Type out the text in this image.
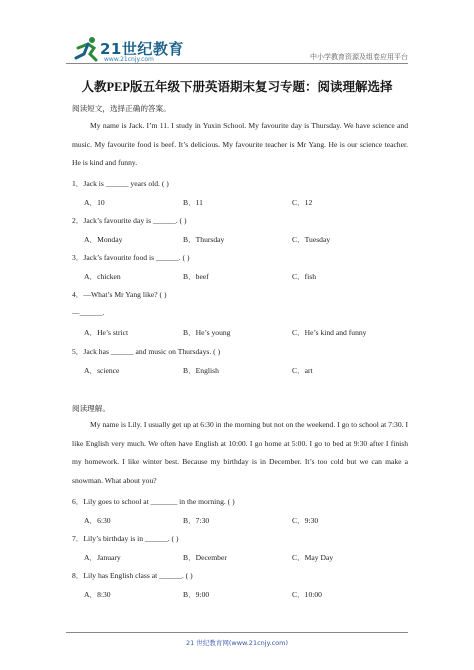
21世纪教育
www.21cnjy.com	中小学教育资源及组卷应用平台
人教PEP版五年级下册英语期末复习专题：阅读理解选择
阅读短文，选择正确的答案。
My name is Jack. I’m 11. I study in Yuxin School. My favourite day is Thursday. We have science and music. My favourite food is beef. It’s delicious. My favourite teacher is Mr Yang. He is our science teacher. He is kind and funny.
1．Jack is ______ years old. ( )
A．10	B．11	C．12
2．Jack’s favourite day is ______. ( )
A．Monday	B．Thursday	C．Tuesday
3．Jack’s favourite food is ______. ( )
A．chicken	B．beef	C．fish
4．—What’s Mr Yang like? ( )
—______.
A．He’s strict	B．He’s young	C．He’s kind and funny
5．Jack has ______ and music on Thursdays. ( )
A．science	B．English	C．art
阅读理解。
My name is Lily. I usually get up at 6:30 in the morning but not on the weekend. I go to school at 7:30. I like English very much. We often have English at 10:00. I go home at 5:00. I go to bed at 9:30 after I finish my homework. I like winter best. Because my birthday is in December. It’s too cold but we can make a snowman. What about you?
6．Lily goes to school at _______ in the morning. ( )
A．6:30	B．7:30	C．9:30
7．Lily’s birthday is in ______. ( )
A．January	B．December	C．May Day
8．Lily has English class at ______. ( )
A．8:30	B．9:00	C．10:00
21 世纪教育网(www.21cnjy.com)
